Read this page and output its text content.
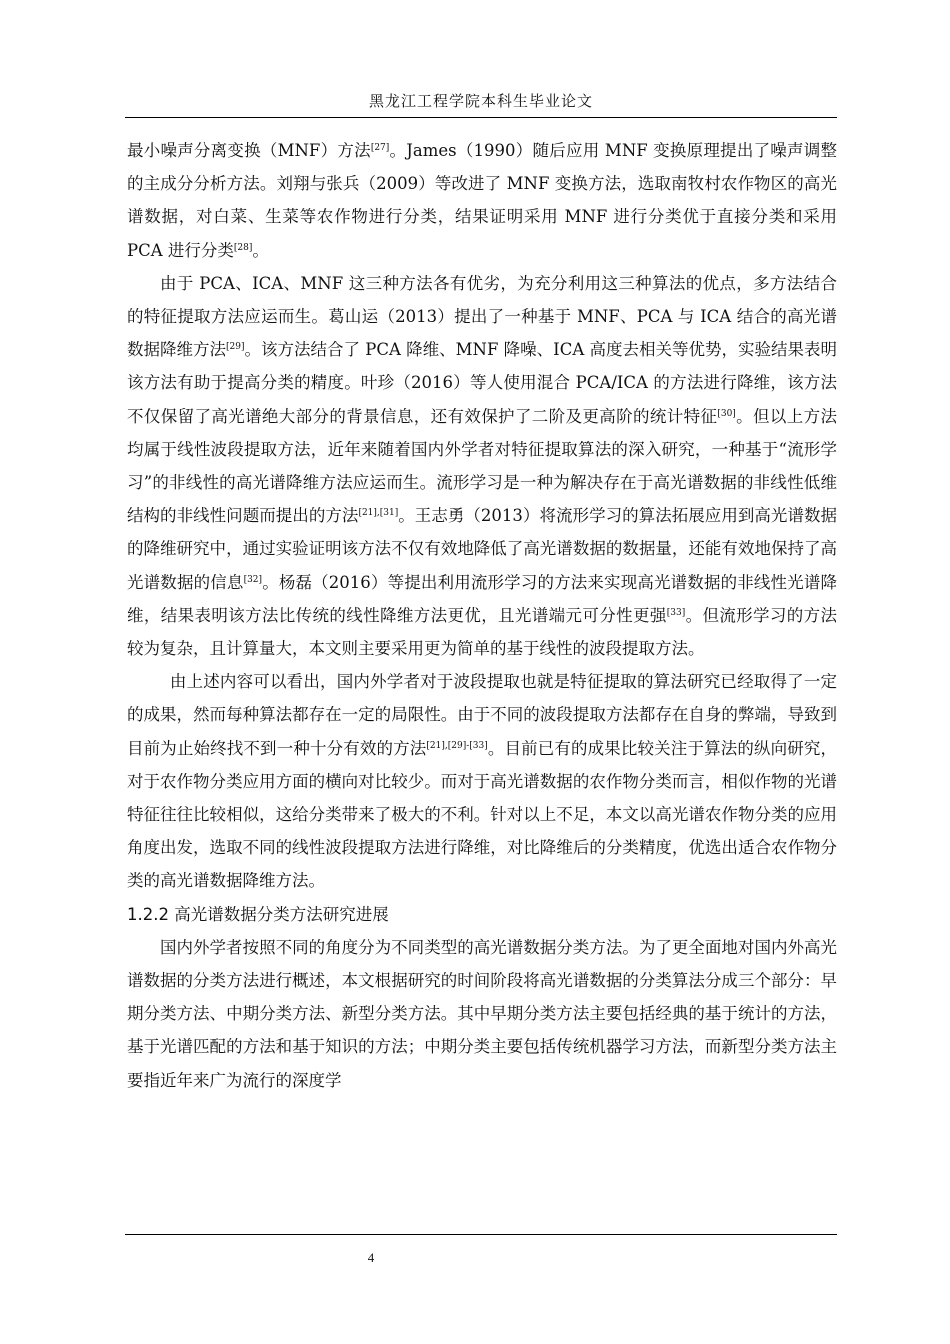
黑龙江工程学院本科生毕业论文

最小噪声分离变换（MNF）方法[27]。James（1990）随后应用 MNF 变换原理提出了噪声调整的主成分分析方法。刘翔与张兵（2009）等改进了 MNF 变换方法，选取南牧村农作物区的高光谱数据，对白菜、生菜等农作物进行分类，结果证明采用 MNF 进行分类优于直接分类和采用 PCA 进行分类[28]。

由于 PCA、ICA、MNF 这三种方法各有优劣，为充分利用这三种算法的优点，多方法结合的特征提取方法应运而生。葛山运（2013）提出了一种基于 MNF、PCA 与 ICA 结合的高光谱数据降维方法[29]。该方法结合了 PCA 降维、MNF 降噪、ICA 高度去相关等优势，实验结果表明该方法有助于提高分类的精度。叶珍（2016）等人使用混合 PCA/ICA 的方法进行降维，该方法不仅保留了高光谱绝大部分的背景信息，还有效保护了二阶及更高阶的统计特征[30]。但以上方法均属于线性波段提取方法，近年来随着国内外学者对特征提取算法的深入研究，一种基于“流形学习”的非线性的高光谱降维方法应运而生。流形学习是一种为解决存在于高光谱数据的非线性低维结构的非线性问题而提出的方法[21],[31]。王志勇（2013）将流形学习的算法拓展应用到高光谱数据的降维研究中，通过实验证明该方法不仅有效地降低了高光谱数据的数据量，还能有效地保持了高光谱数据的信息[32]。杨磊（2016）等提出利用流形学习的方法来实现高光谱数据的非线性光谱降维，结果表明该方法比传统的线性降维方法更优，且光谱端元可分性更强[33]。但流形学习的方法较为复杂，且计算量大，本文则主要采用更为简单的基于线性的波段提取方法。

由上述内容可以看出，国内外学者对于波段提取也就是特征提取的算法研究已经取得了一定的成果，然而每种算法都存在一定的局限性。由于不同的波段提取方法都存在自身的弊端，导致到目前为止始终找不到一种十分有效的方法[21],[29]-[33]。目前已有的成果比较关注于算法的纵向研究，对于农作物分类应用方面的横向对比较少。而对于高光谱数据的农作物分类而言，相似作物的光谱特征往往比较相似，这给分类带来了极大的不利。针对以上不足，本文以高光谱农作物分类的应用角度出发，选取不同的线性波段提取方法进行降维，对比降维后的分类精度，优选出适合农作物分类的高光谱数据降维方法。

1.2.2 高光谱数据分类方法研究进展

国内外学者按照不同的角度分为不同类型的高光谱数据分类方法。为了更全面地对国内外高光谱数据的分类方法进行概述，本文根据研究的时间阶段将高光谱数据的分类算法分成三个部分：早期分类方法、中期分类方法、新型分类方法。其中早期分类方法主要包括经典的基于统计的方法，基于光谱匹配的方法和基于知识的方法；中期分类主要包括传统机器学习方法，而新型分类方法主要指近年来广为流行的深度学

4
